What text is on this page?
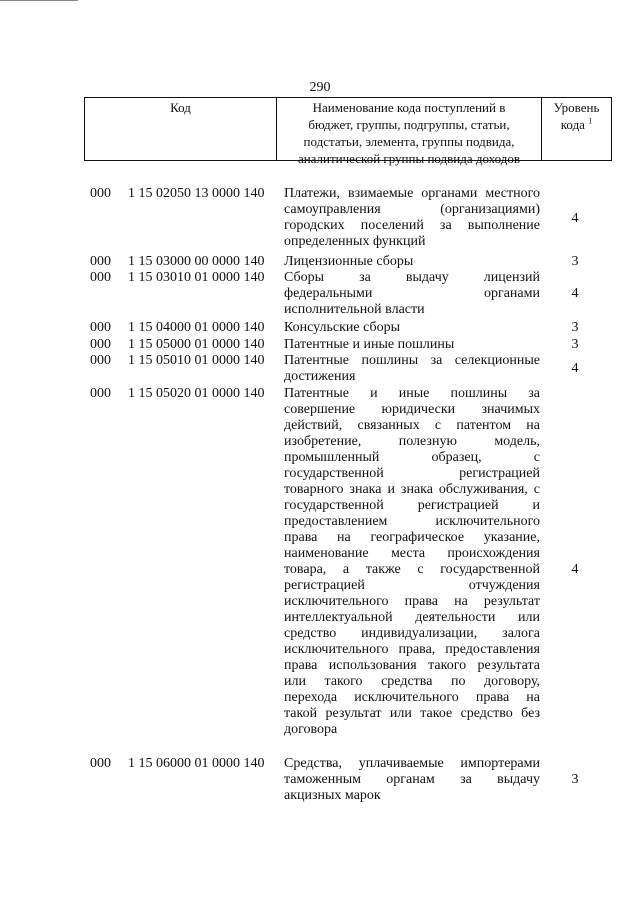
290
Код	Наименование кода поступлений в
бюджет, группы, подгруппы, статьи,
подстатьи, элемента, группы подвида,
аналитической группы подвида доходов
Уровень
кода $^1$
000	1 15 02050 13 0000 140	Платежи, взимаемые органами местного
самоуправления (организациями)
городских поселений за выполнение
определенных функций
4
000	1 15 03000 00 0000 140	Лицензионные сборы	3
000	1 15 03010 01 0000 140	Сборы за выдачу лицензий
федеральными органами
исполнительной власти
4
000	1 15 04000 01 0000 140	Консульские сборы	3
000	1 15 05000 01 0000 140	Патентные и иные пошлины	3
000	1 15 05010 01 0000 140	Патентные пошлины за селекционные
достижения
4
000	1 15 05020 01 0000 140	Патентные и иные пошлины за
совершение юридически значимых
действий, связанных с патентом на
изобретение, полезную модель,
промышленный образец, с
государственной регистрацией
товарного знака и знака обслуживания, с
государственной регистрацией и
предоставлением исключительного
права на географическое указание,
наименование места происхождения
товара, а также с государственной
регистрацией отчуждения
исключительного права на результат
интеллектуальной деятельности или
средство индивидуализации, залога
исключительного права, предоставления
права использования такого результата
или такого средства по договору,
перехода исключительного права на
такой результат или такое средство без
договора
4
000	1 15 06000 01 0000 140	Средства, уплачиваемые импортерами
таможенным органам за выдачу
акцизных марок
3
